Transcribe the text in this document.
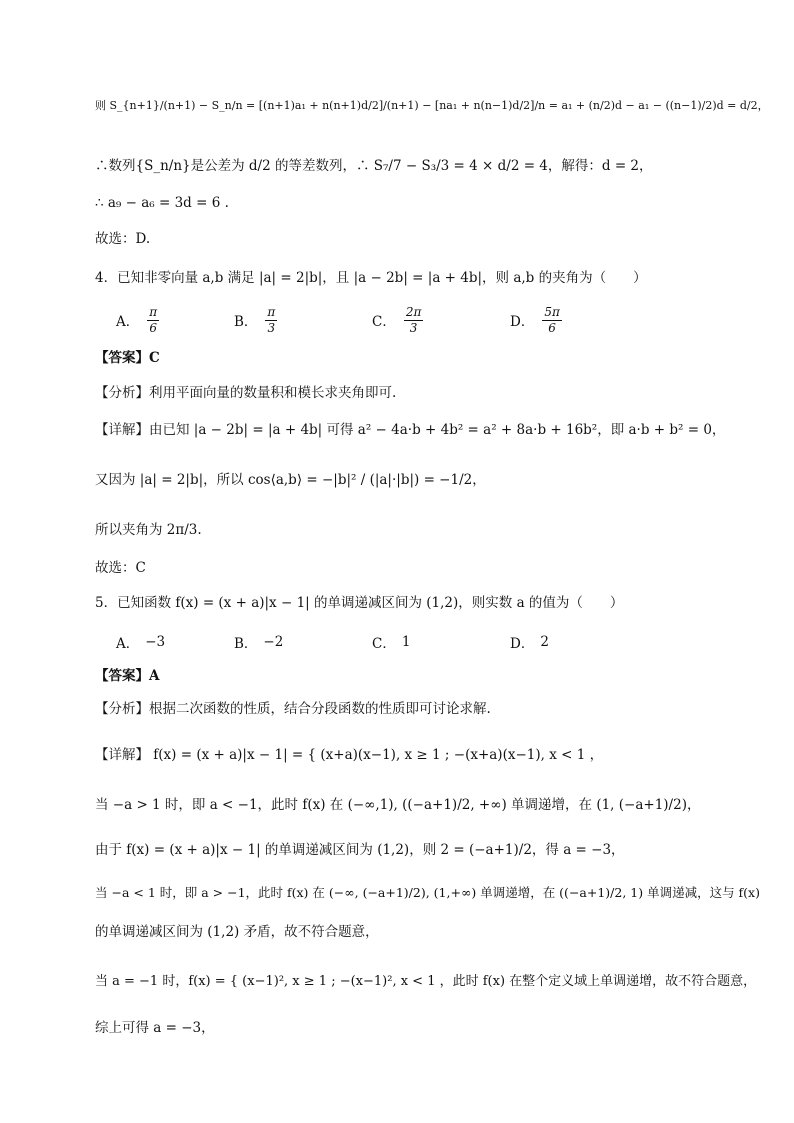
则 S_{n+1}/(n+1) − S_n/n = [(n+1)a₁ + n(n+1)d/2]/(n+1) − [na₁ + n(n−1)d/2]/n = a₁ + (n/2)d − a₁ − ((n−1)/2)d = d/2，
∴数列{S_n/n}是公差为 d/2 的等差数列，∴ S₇/7 − S₃/3 = 4 × d/2 = 4，解得：d = 2，
∴ a₉ − a₆ = 3d = 6 .
故选：D.
4．已知非零向量 a,b 满足 |a| = 2|b|，且 |a − 2b| = |a + 4b|，则 a,b 的夹角为（　　）
A． $\frac{\pi}{6}$	B． $\frac{\pi}{3}$	C． $\frac{2\pi}{3}$	D． $\frac{5\pi}{6}$
【答案】C
【分析】利用平面向量的数量积和模长求夹角即可.
【详解】由已知 |a − 2b| = |a + 4b| 可得 a² − 4a·b + 4b² = a² + 8a·b + 16b²，即 a·b + b² = 0，
又因为 |a| = 2|b|，所以 cos⟨a,b⟩ = −|b|² / (|a|·|b|) = −1/2，
所以夹角为 2π/3.
故选：C
5．已知函数 f(x) = (x + a)|x − 1| 的单调递减区间为 (1,2)，则实数 a 的值为（　　）
A． −3	B． −2	C． 1	D． 2
【答案】A
【分析】根据二次函数的性质，结合分段函数的性质即可讨论求解.
【详解】 f(x) = (x + a)|x − 1| = { (x+a)(x−1), x ≥ 1 ; −(x+a)(x−1), x < 1 ，
当 −a > 1 时，即 a < −1，此时 f(x) 在 (−∞,1), ((−a+1)/2, +∞) 单调递增，在 (1, (−a+1)/2)，
由于 f(x) = (x + a)|x − 1| 的单调递减区间为 (1,2)，则 2 = (−a+1)/2，得 a = −3，
当 −a < 1 时，即 a > −1，此时 f(x) 在 (−∞, (−a+1)/2), (1,+∞) 单调递增，在 ((−a+1)/2, 1) 单调递减，这与 f(x)
的单调递减区间为 (1,2) 矛盾，故不符合题意，
当 a = −1 时，f(x) = { (x−1)², x ≥ 1 ; −(x−1)², x < 1 ，此时 f(x) 在整个定义域上单调递增，故不符合题意，
综上可得 a = −3，
